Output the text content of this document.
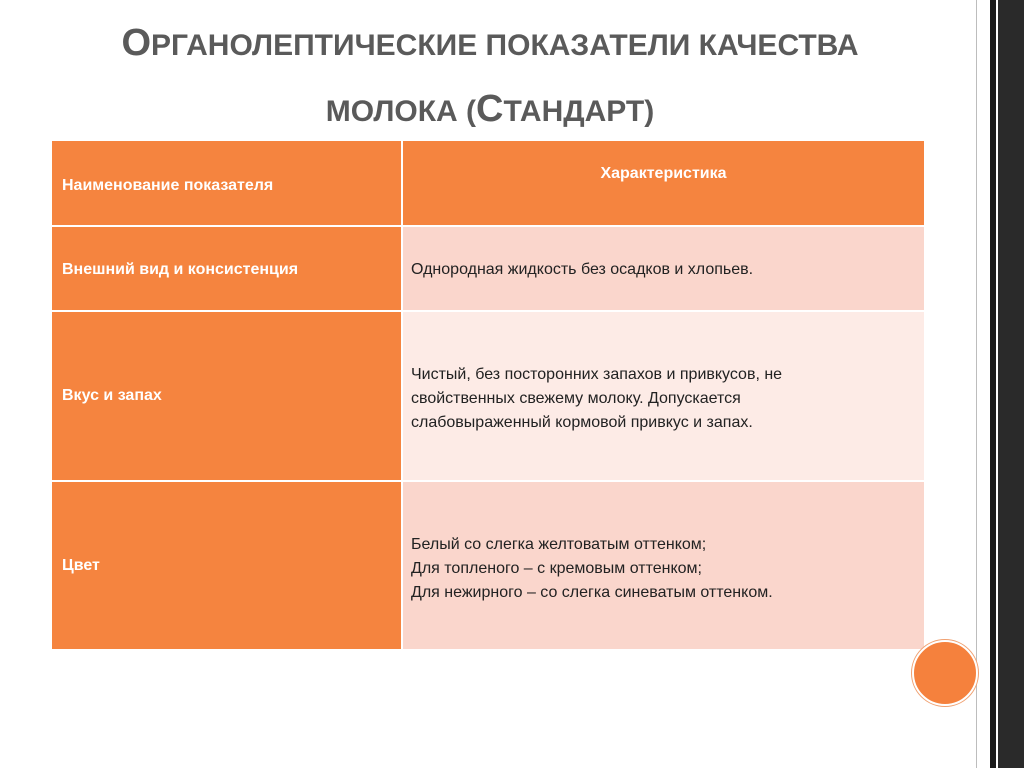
ОРГАНОЛЕПТИЧЕСКИЕ ПОКАЗАТЕЛИ КАЧЕСТВА
МОЛОКА (СТАНДАРТ)
Наименование показателя
Характеристика
Внешний вид и консистенция	Однородная жидкость без осадков и хлопьев.
Вкус и запах
Чистый, без посторонних запахов и привкусов, не
свойственных свежему молоку. Допускается
слабовыраженный кормовой привкус и запах.
Цвет
Белый со слегка желтоватым оттенком;
Для топленого – с кремовым оттенком;
Для нежирного – со слегка синеватым оттенком.
